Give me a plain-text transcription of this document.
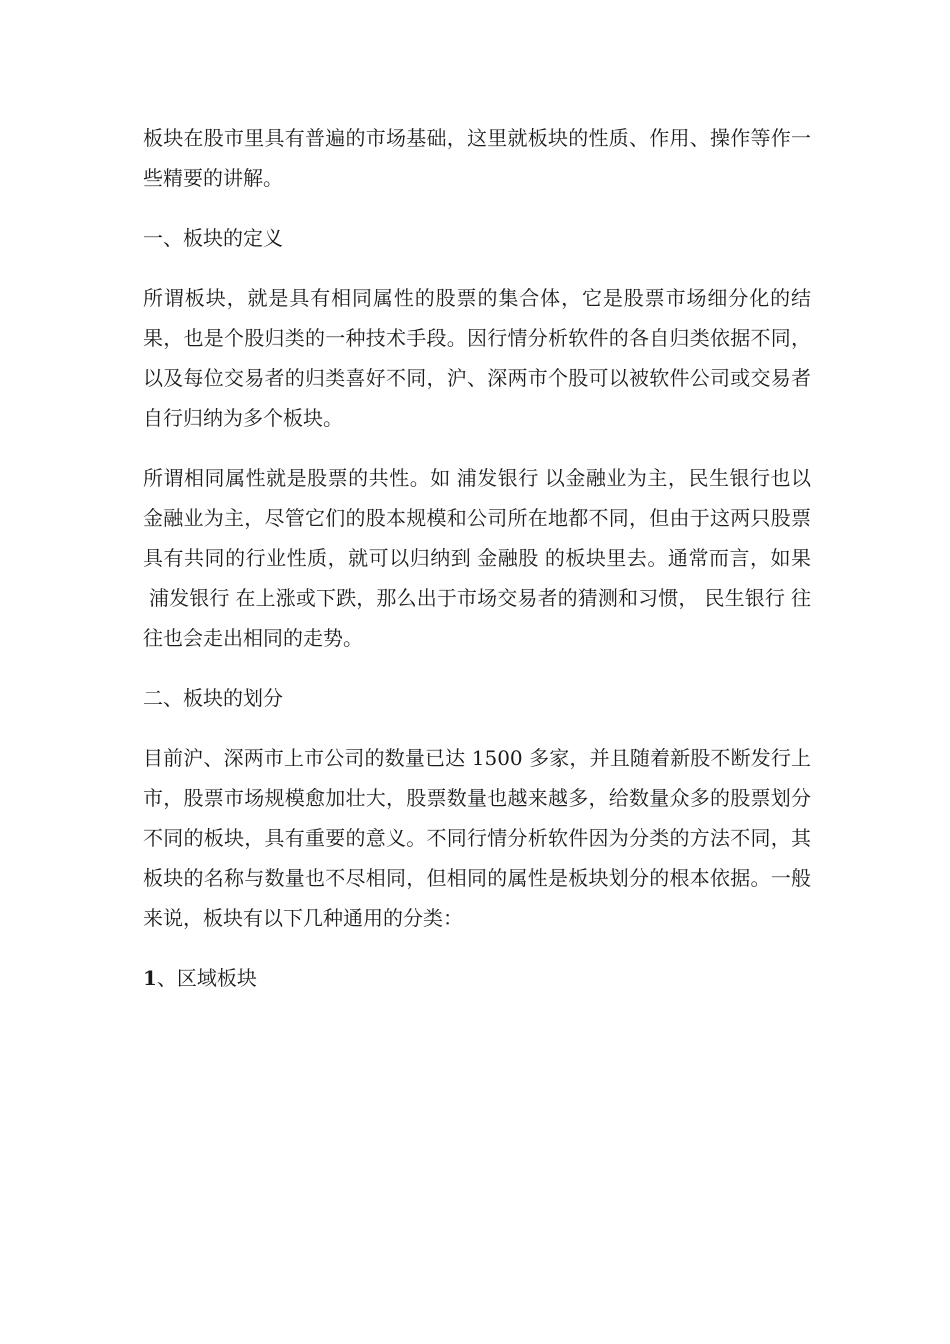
板块在股市里具有普遍的市场基础，这里就板块的性质、作用、操作等作一些精要的讲解。

一、板块的定义

所谓板块，就是具有相同属性的股票的集合体，它是股票市场细分化的结果，也是个股归类的一种技术手段。因行情分析软件的各自归类依据不同，以及每位交易者的归类喜好不同，沪、深两市个股可以被软件公司或交易者自行归纳为多个板块。

所谓相同属性就是股票的共性。如 浦发银行 以金融业为主，民生银行也以金融业为主，尽管它们的股本规模和公司所在地都不同，但由于这两只股票具有共同的行业性质，就可以归纳到 金融股 的板块里去。通常而言，如果浦发银行 在上涨或下跌，那么出于市场交易者的猜测和习惯， 民生银行 往往也会走出相同的走势。

二、板块的划分

目前沪、深两市上市公司的数量已达 1500 多家，并且随着新股不断发行上市，股票市场规模愈加壮大，股票数量也越来越多，给数量众多的股票划分不同的板块，具有重要的意义。不同行情分析软件因为分类的方法不同，其板块的名称与数量也不尽相同，但相同的属性是板块划分的根本依据。一般来说，板块有以下几种通用的分类：

1、区域板块
